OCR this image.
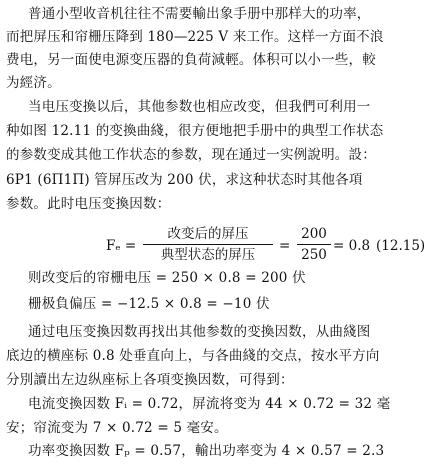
普通小型收音机往往不需要輸出象手册中那样大的功率，
而把屏压和帘栅压降到 180—225 V 来工作。这样一方面不浪
费电，另一面使电源变压器的負荷減輕。体积可以小一些，較
为經济。
当电压变換以后，其他参数也相应改变，但我們可利用一
种如图 12.11 的变換曲綫，很方便地把手册中的典型工作状态
的参数变成其他工作状态的参数，现在通过一实例說明。設：
6P1 (6П1П) 管屏压改为 200 伏，求这种状态时其他各項
参数。此时电压变換因数：
Fₑ =
改变后的屏压
典型状态的屏压
= $\frac{200}{250} = 0.8$ (12.15)
则改变后的帘栅电压 = 250 × 0.8 = 200 伏
栅极負偏压 = −12.5 × 0.8 = −10 伏
通过电压变換因数再找出其他参数的变換因数，从曲綫图
底边的横座标 0.8 处垂直向上，与各曲綫的交点，按水平方向
分別讀出左边纵座标上各項变換因数，可得到：
电流变換因数 Fᵢ = 0.72，屏流将变为 44 × 0.72 = 32 毫
安；帘流变为 7 × 0.72 = 5 毫安。
功率变換因数 Fₚ = 0.57，輸出功率变为 4 × 0.57 = 2.3
